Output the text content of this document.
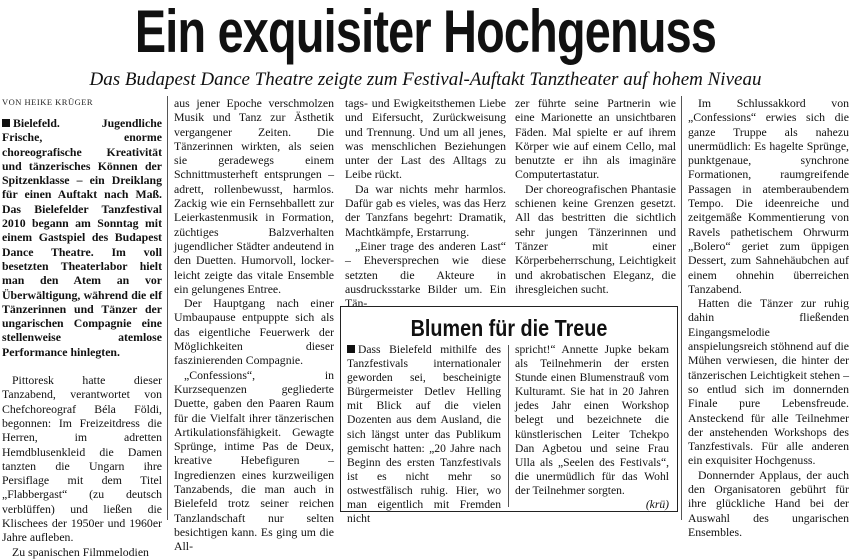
Ein exquisiter Hochgenuss
Das Budapest Dance Theatre zeigte zum Festival-Auftakt Tanztheater auf hohem Niveau

VON HEIKE KRÜGER

Bielefeld. Jugendliche Frische, enorme choreografische Kreativität und tänzerisches Können der Spitzenklasse – ein Dreiklang für einen Auftakt nach Maß. Das Bielefelder Tanzfestival 2010 begann am Sonntag mit einem Gastspiel des Budapest Dance Theatre. Im voll besetzten Theaterlabor hielt man den Atem an vor Überwältigung, während die elf Tänzerinnen und Tänzer der ungarischen Compagnie eine stellenweise atemlose Performance hinlegten.

Pittoresk hatte dieser Tanzabend, verantwortet von Chefchoreograf Béla Földi, begonnen: Im Freizeitdress die Herren, im adretten Hemdblusenkleid die Damen tanzten die Ungarn ihre Persiflage mit dem Titel „Flabbergast“ (zu deutsch verblüffen) und ließen die Klischees der 1950er und 1960er Jahre aufleben.

Zu spanischen Filmmelodien

aus jener Epoche verschmolzen Musik und Tanz zur Ästhetik vergangener Zeiten. Die Tänzerinnen wirkten, als seien sie geradewegs einem Schnittmusterheft entsprungen – adrett, rollenbewusst, harmlos. Zackig wie ein Fernsehballett zur Leierkastenmusik in Formation, züchtiges Balzverhalten jugendlicher Städter andeutend in den Duetten. Humorvoll, locker-leicht zeigte das vitale Ensemble ein gelungenes Entree.

Der Hauptgang nach einer Umbaupause entpuppte sich als das eigentliche Feuerwerk der Möglichkeiten dieser faszinierenden Compagnie.

„Confessions“, in Kurzsequenzen gegliederte Duette, gaben den Paaren Raum für die Vielfalt ihrer tänzerischen Artikulationsfähigkeit. Gewagte Sprünge, intime Pas de Deux, kreative Hebefiguren – Ingredienzen eines kurzweiligen Tanzabends, die man auch in Bielefeld trotz seiner reichen Tanzlandschaft nur selten besichtigen kann. Es ging um die All-

tags- und Ewigkeitsthemen Liebe und Eifersucht, Zurückweisung und Trennung. Und um all jenes, was menschlichen Beziehungen unter der Last des Alltags zu Leibe rückt.

Da war nichts mehr harmlos. Dafür gab es vieles, was das Herz der Tanzfans begehrt: Dramatik, Machtkämpfe, Erstarrung.

„Einer trage des anderen Last“ – Eheversprechen wie diese setzten die Akteure in ausdrucksstarke Bilder um. Ein Tän-

zer führte seine Partnerin wie eine Marionette an unsichtbaren Fäden. Mal spielte er auf ihrem Körper wie auf einem Cello, mal benutzte er ihn als imaginäre Computertastatur.

Der choreografischen Phantasie schienen keine Grenzen gesetzt. All das bestritten die sichtlich sehr jungen Tänzerinnen und Tänzer mit einer Körperbeherrschung, Leichtigkeit und akrobatischen Eleganz, die ihresgleichen sucht.

Im Schlussakkord von „Confessions“ erwies sich die ganze Truppe als nahezu unermüdlich: Es hagelte Sprünge, punktgenaue, synchrone Formationen, raumgreifende Passagen in atemberaubendem Tempo. Die ideenreiche und zeitgemäße Kommentierung von Ravels pathetischem Ohrwurm „Bolero“ geriet zum üppigen Dessert, zum Sahnehäubchen auf einem ohnehin überreichen Tanzabend.

Hatten die Tänzer zur ruhig dahin fließenden Eingangsmelodie anspielungsreich stöhnend auf die Mühen verwiesen, die hinter der tänzerischen Leichtigkeit stehen – so entlud sich im donnernden Finale pure Lebensfreude. Ansteckend für alle Teilnehmer der anstehenden Workshops des Tanzfestivals. Für alle anderen ein exquisiter Hochgenuss.

Donnernder Applaus, der auch den Organisatoren gebührt für ihre glückliche Hand bei der Auswahl des ungarischen Ensembles.

Blumen für die Treue

Dass Bielefeld mithilfe des Tanzfestivals internationaler geworden sei, bescheinigte Bürgermeister Detlev Helling mit Blick auf die vielen Dozenten aus dem Ausland, die sich längst unter das Publikum gemischt hatten: „20 Jahre nach Beginn des ersten Tanzfestivals ist es nicht mehr so ostwestfälisch ruhig. Hier, wo man eigentlich mit Fremden nicht

spricht!“ Annette Jupke bekam als Teilnehmerin der ersten Stunde einen Blumenstrauß vom Kulturamt. Sie hat in 20 Jahren jedes Jahr einen Workshop belegt und bezeichnete die künstlerischen Leiter Tchekpo Dan Agbetou und seine Frau Ulla als „Seelen des Festivals“, die unermüdlich für das Wohl der Teilnehmer sorgten.

(krü)
